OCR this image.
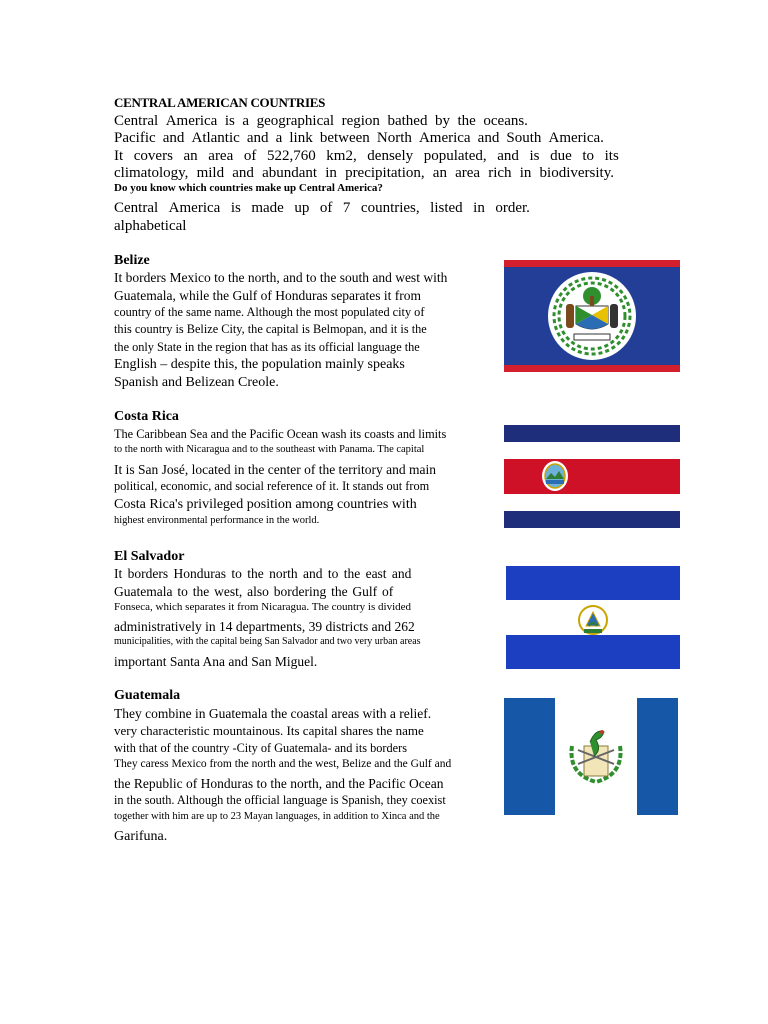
CENTRAL AMERICAN COUNTRIES
Central America is a geographical region bathed by the oceans.
Pacific and Atlantic and a link between North America and South America.
It covers an area of 522,760 km2, densely populated, and is due to its
climatology, mild and abundant in precipitation, an area rich in biodiversity.
Do you know which countries make up Central America?
Central America is made up of 7 countries, listed in order.
alphabetical
Belize
It borders Mexico to the north, and to the south and west with
Guatemala, while the Gulf of Honduras separates it from
country of the same name. Although the most populated city of
this country is Belize City, the capital is Belmopan, and it is the
the only State in the region that has as its official language the
English – despite this, the population mainly speaks
Spanish and Belizean Creole.
Costa Rica
The Caribbean Sea and the Pacific Ocean wash its coasts and limits
to the north with Nicaragua and to the southeast with Panama. The capital
It is San José, located in the center of the territory and main
political, economic, and social reference of it. It stands out from
Costa Rica's privileged position among countries with
highest environmental performance in the world.
El Salvador
It borders Honduras to the north and to the east and
Guatemala to the west, also bordering the Gulf of
Fonseca, which separates it from Nicaragua. The country is divided
administratively in 14 departments, 39 districts and 262
municipalities, with the capital being San Salvador and two very urban areas
important Santa Ana and San Miguel.
Guatemala
They combine in Guatemala the coastal areas with a relief.
very characteristic mountainous. Its capital shares the name
with that of the country -City of Guatemala- and its borders
They caress Mexico from the north and the west, Belize and the Gulf and
the Republic of Honduras to the north, and the Pacific Ocean
in the south. Although the official language is Spanish, they coexist
together with him are up to 23 Mayan languages, in addition to Xinca and the
Garifuna.
